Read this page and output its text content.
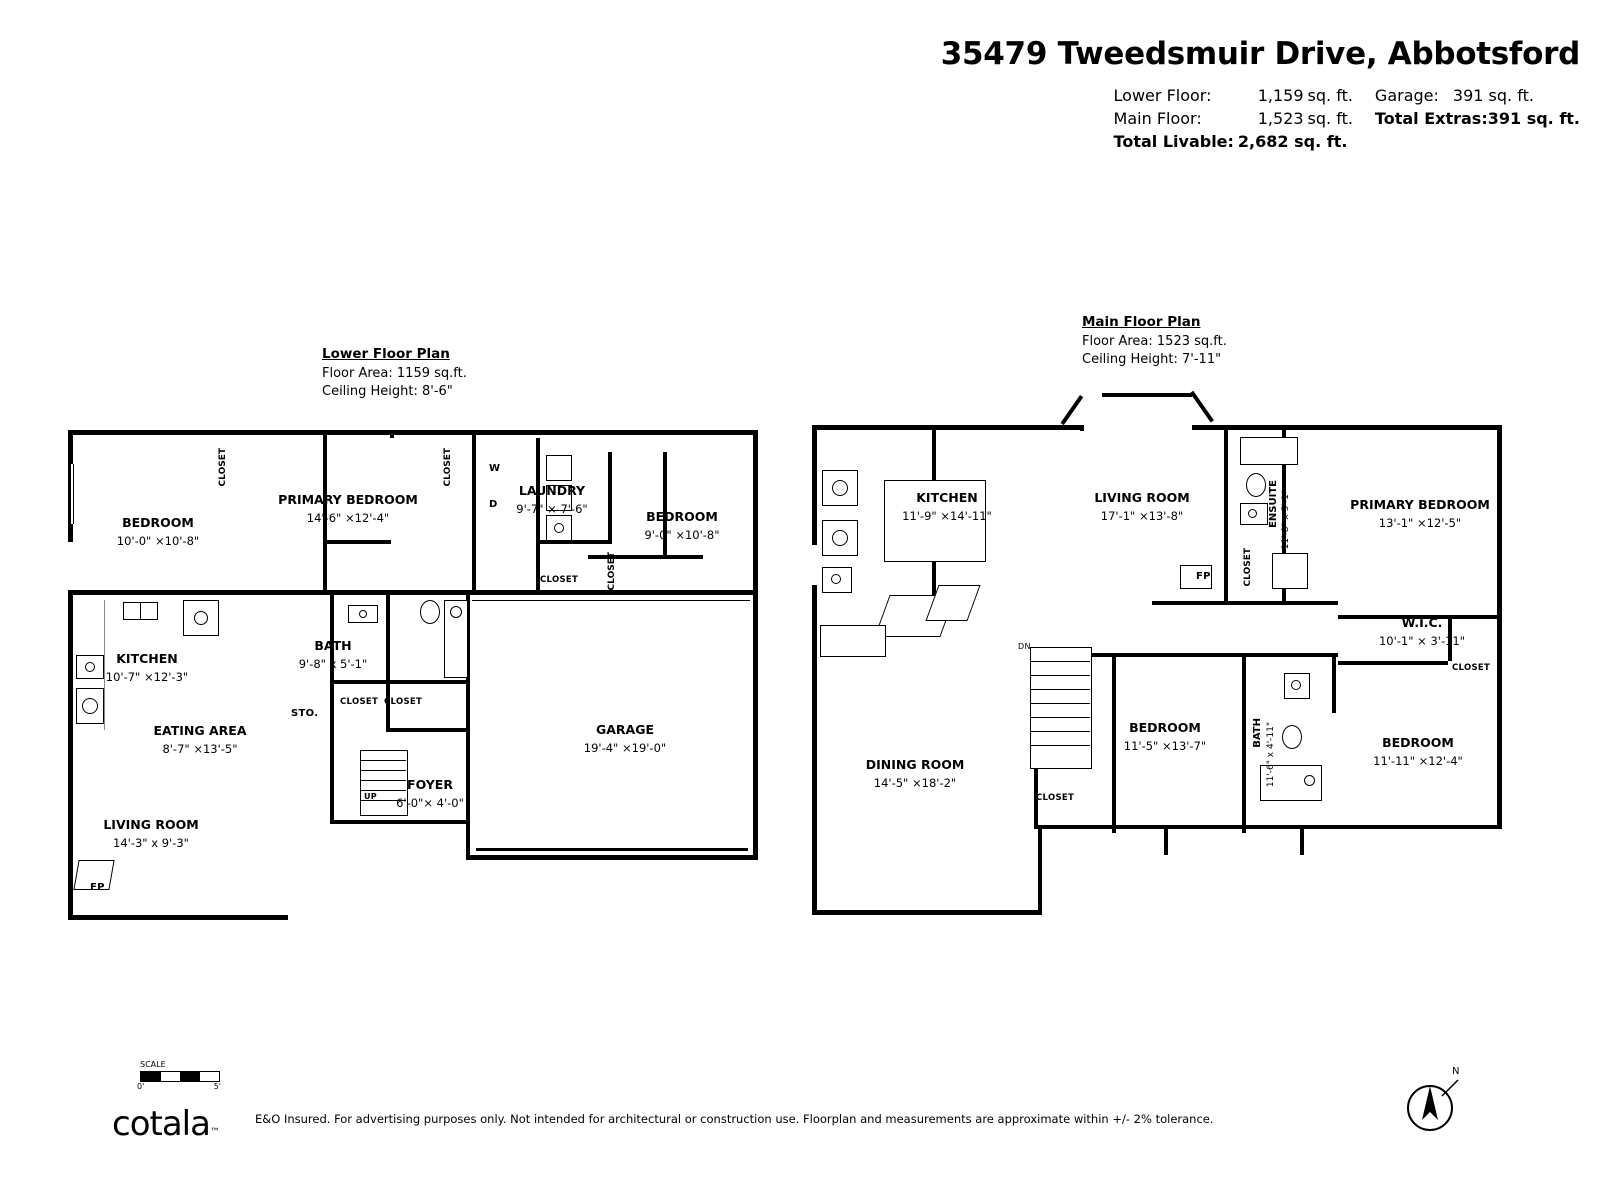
35479 Tweedsmuir Drive, Abbotsford
Lower Floor:	1,159 sq. ft.
Main Floor:	1,523 sq. ft.
Total Livable: 2,682 sq. ft.
Garage: 391 sq. ft.
Total Extras: 391 sq. ft.
Lower Floor Plan
Floor Area: 1159 sq.ft.
Ceiling Height: 8'-6"
BEDROOM
10'-0" ×10'-8"
PRIMARY BEDROOM
14'-6" ×12'-4"
LAUNDRY
9'-7" × 7'-6"
BEDROOM
9'-0" ×10'-8"
KITCHEN
10'-7" ×12'-3"
BATH
9'-8" x 5'-1"
EATING AREA
8'-7" ×13'-5"
GARAGE
19'-4" ×19'-0"
FOYER
6'-0"× 4'-0"
LIVING ROOM
14'-3" x 9'-3"
CLOSET	CLOSET
CLOSET	CLOSET
CLOSET CLOSET
STO.
FP
W
D
UP
Main Floor Plan
Floor Area: 1523 sq.ft.
Ceiling Height: 7'-11"
KITCHEN
11'-9" ×14'-11"
LIVING ROOM
17'-1" ×13'-8"
PRIMARY BEDROOM
13'-1" ×12'-5"
ENSUITE 11'-8" x 5'-1"
W.I.C.
10'-1" × 3'-11"
DINING ROOM
14'-5" ×18'-2"
BEDROOM
11'-5" ×13'-7"	BATH 11'-6" x 4'-11"	BEDROOM
11'-11" ×12'-4"
CLOSET
CLOSET
CLOSET
FP
DN
SCALE
0'	5'
cotala™
E&O Insured. For advertising purposes only. Not intended for architectural or construction use. Floorplan and measurements are approximate within +/- 2% tolerance.
N
